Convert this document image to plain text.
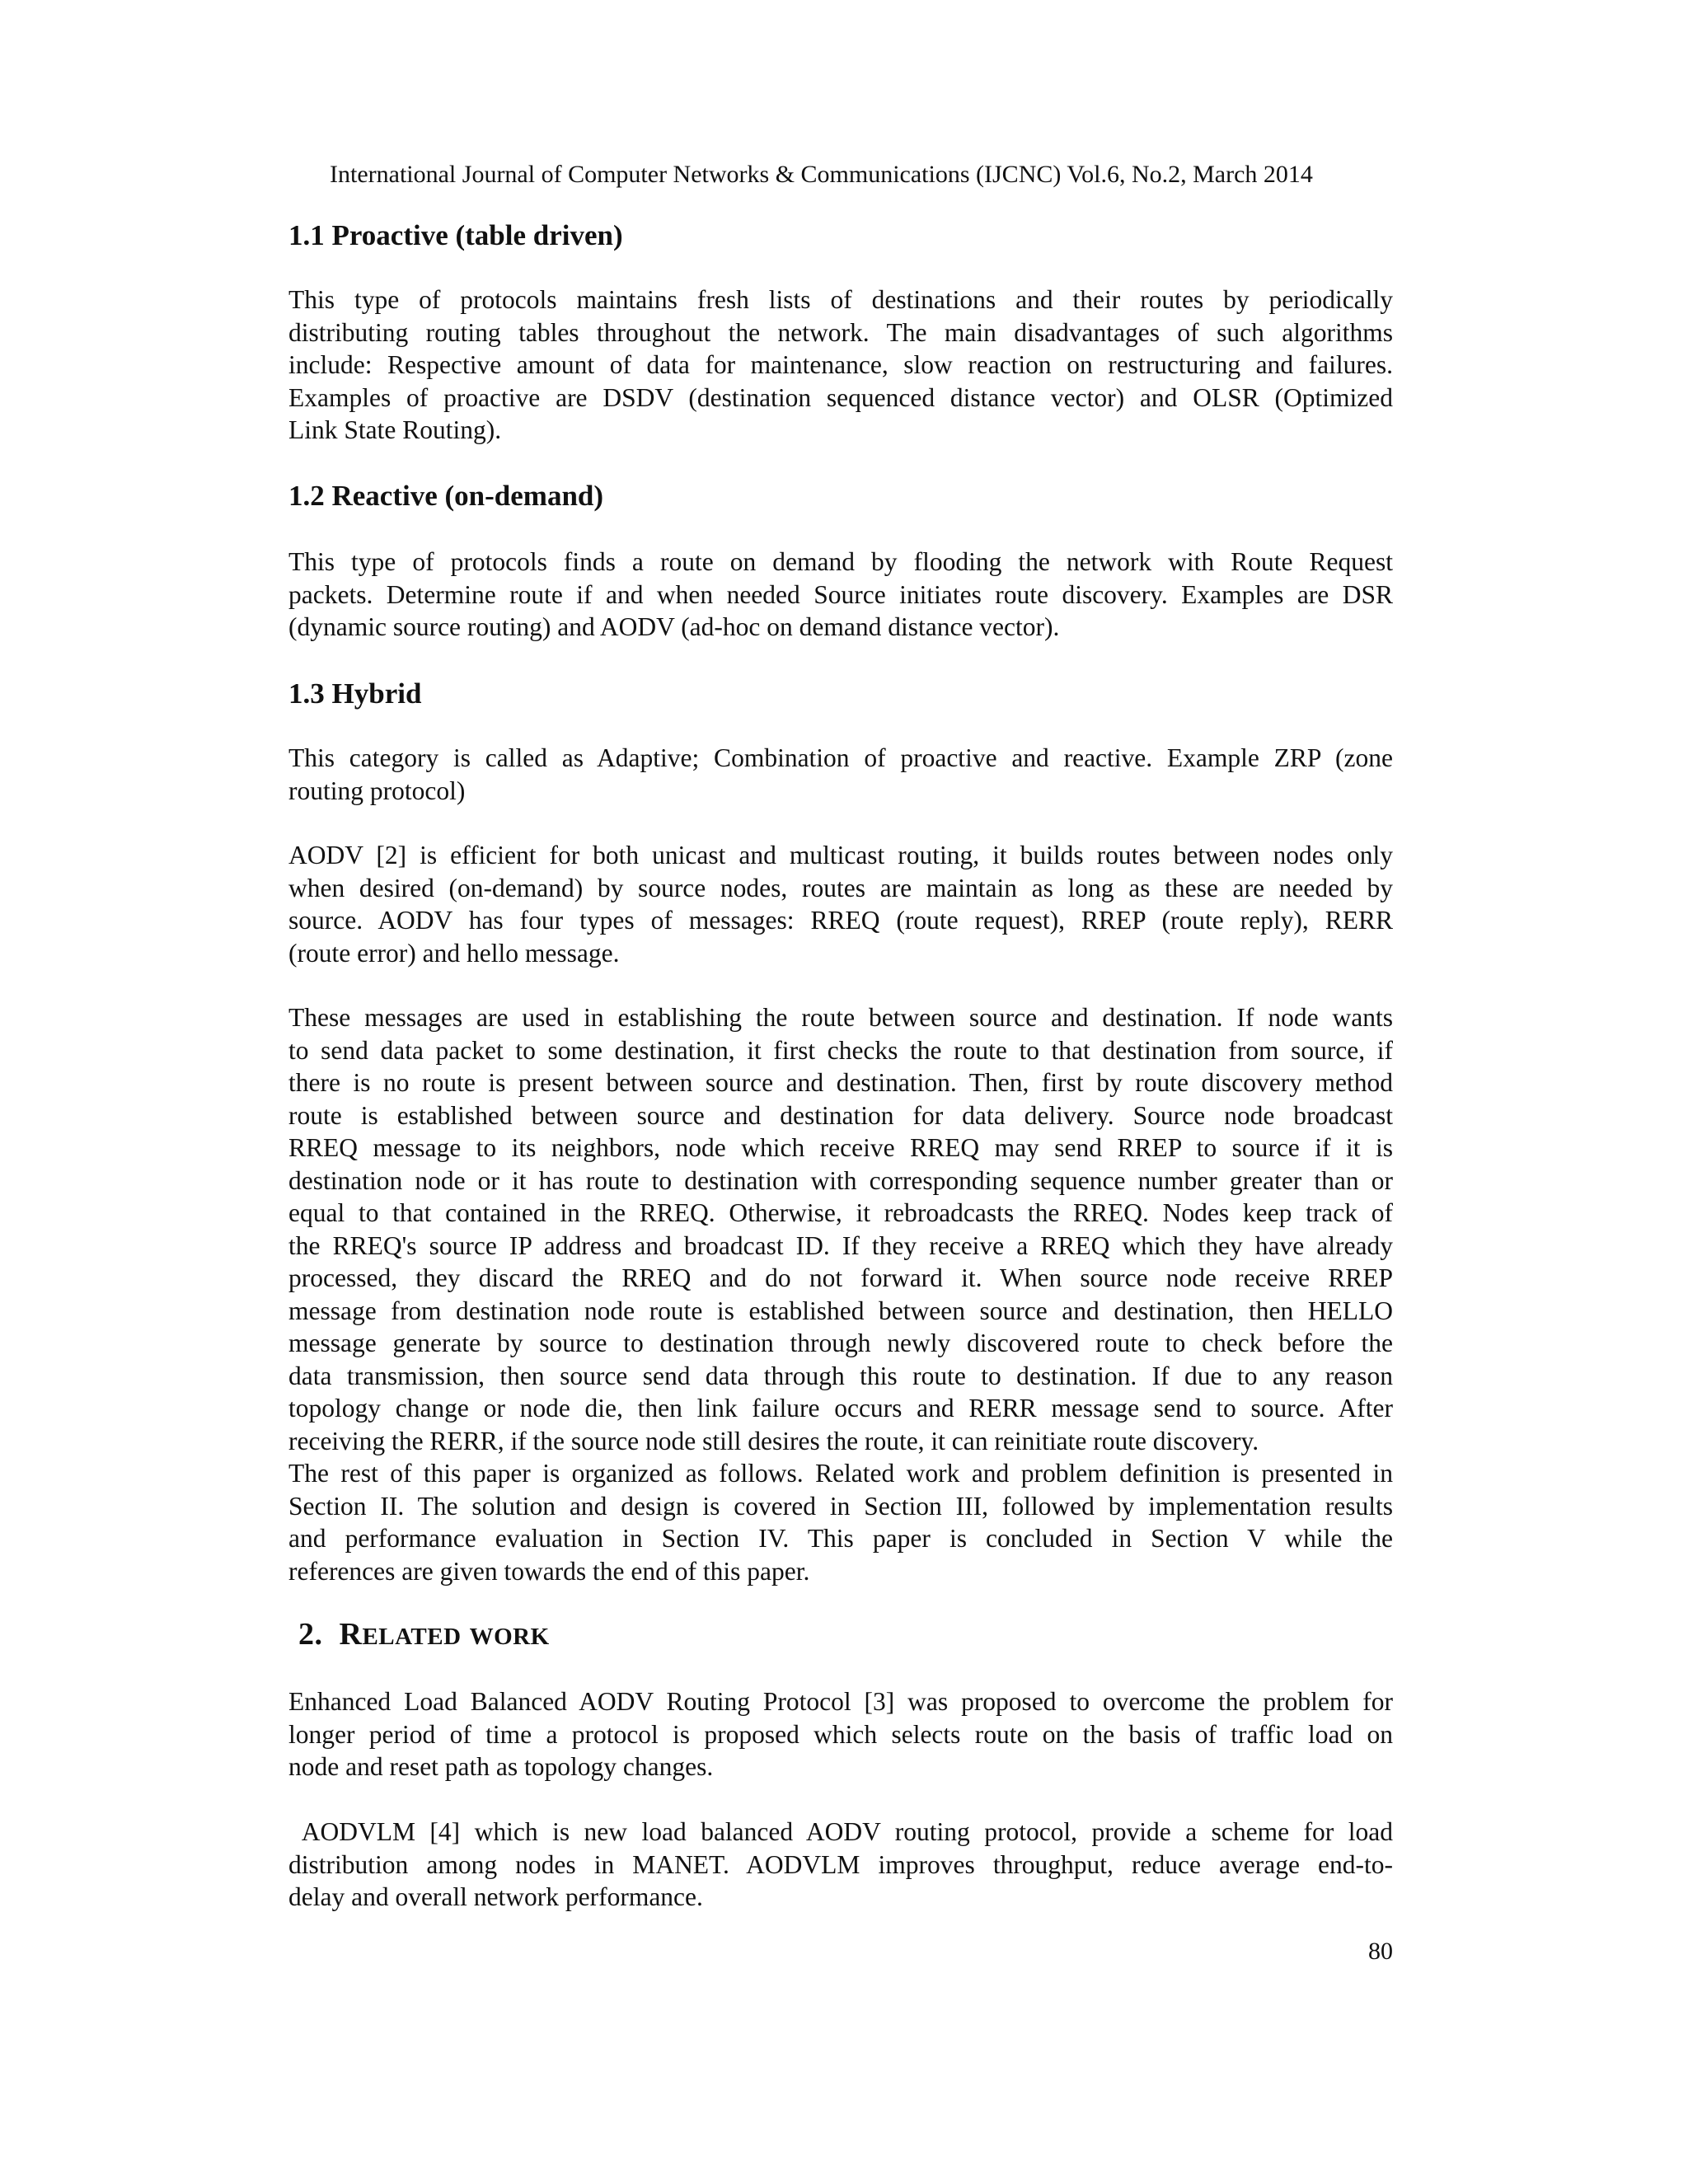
International Journal of Computer Networks & Communications (IJCNC) Vol.6, No.2, March 2014
1.1 Proactive (table driven)
This type of protocols maintains fresh lists of destinations and their routes by periodically
distributing routing tables throughout the network. The main disadvantages of such algorithms
include: Respective amount of data for maintenance, slow reaction on restructuring and failures.
Examples of proactive are DSDV (destination sequenced distance vector) and OLSR (Optimized
Link State Routing).
1.2 Reactive (on-demand)
This type of protocols finds a route on demand by flooding the network with Route Request
packets. Determine route if and when needed Source initiates route discovery. Examples are DSR
(dynamic source routing) and AODV (ad-hoc on demand distance vector).
1.3 Hybrid
This category is called as Adaptive; Combination of proactive and reactive. Example ZRP (zone
routing protocol)
AODV [2] is efficient for both unicast and multicast routing, it builds routes between nodes only
when desired (on-demand) by source nodes, routes are maintain as long as these are needed by
source. AODV has four types of messages: RREQ (route request), RREP (route reply), RERR
(route error) and hello message.
These messages are used in establishing the route between source and destination. If node wants
to send data packet to some destination, it first checks the route to that destination from source, if
there is no route is present between source and destination. Then, first by route discovery method
route is established between source and destination for data delivery. Source node broadcast
RREQ message to its neighbors, node which receive RREQ may send RREP to source if it is
destination node or it has route to destination with corresponding sequence number greater than or
equal to that contained in the RREQ. Otherwise, it rebroadcasts the RREQ. Nodes keep track of
the RREQ's source IP address and broadcast ID. If they receive a RREQ which they have already
processed, they discard the RREQ and do not forward it. When source node receive RREP
message from destination node route is established between source and destination, then HELLO
message generate by source to destination through newly discovered route to check before the
data transmission, then source send data through this route to destination. If due to any reason
topology change or node die, then link failure occurs and RERR message send to source. After
receiving the RERR, if the source node still desires the route, it can reinitiate route discovery.
The rest of this paper is organized as follows. Related work and problem definition is presented in
Section II. The solution and design is covered in Section III, followed by implementation results
and performance evaluation in Section IV. This paper is concluded in Section V while the
references are given towards the end of this paper.
2. RELATED WORK
Enhanced Load Balanced AODV Routing Protocol [3] was proposed to overcome the problem for
longer period of time a protocol is proposed which selects route on the basis of traffic load on
node and reset path as topology changes.
AODVLM [4] which is new load balanced AODV routing protocol, provide a scheme for load
distribution among nodes in MANET. AODVLM improves throughput, reduce average end-to-
delay and overall network performance.
80
